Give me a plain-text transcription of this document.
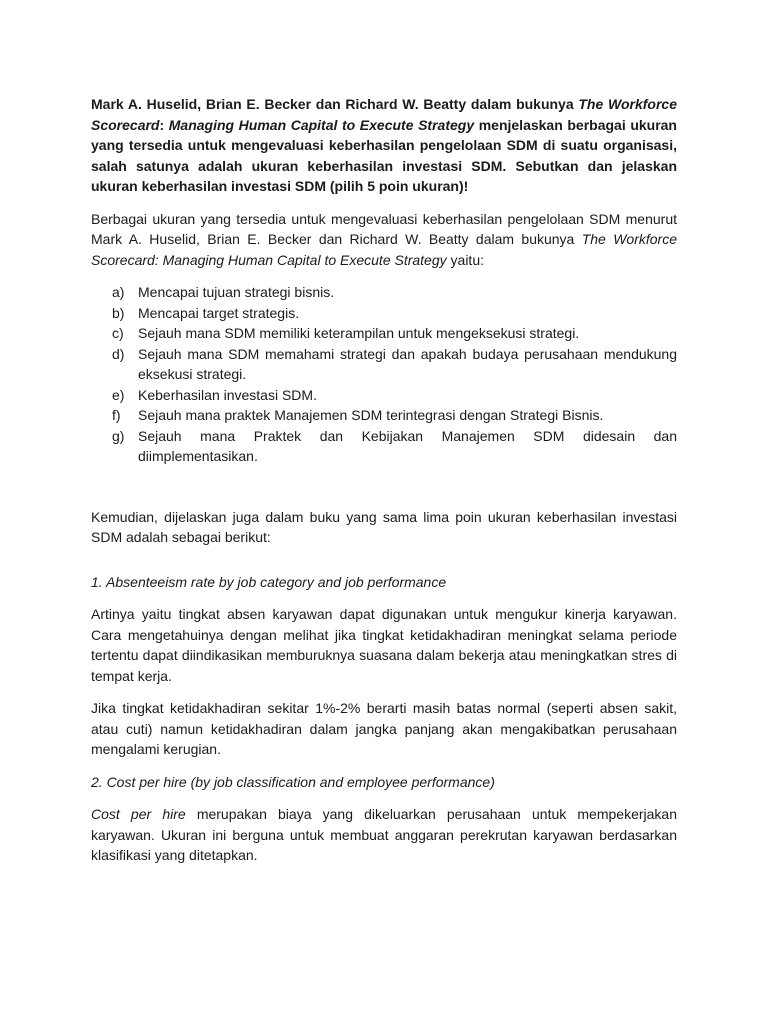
Mark A. Huselid, Brian E. Becker dan Richard W. Beatty dalam bukunya The Workforce Scorecard: Managing Human Capital to Execute Strategy menjelaskan berbagai ukuran yang tersedia untuk mengevaluasi keberhasilan pengelolaan SDM di suatu organisasi, salah satunya adalah ukuran keberhasilan investasi SDM. Sebutkan dan jelaskan ukuran keberhasilan investasi SDM (pilih 5 poin ukuran)!

Berbagai ukuran yang tersedia untuk mengevaluasi keberhasilan pengelolaan SDM menurut Mark A. Huselid, Brian E. Becker dan Richard W. Beatty dalam bukunya The Workforce Scorecard: Managing Human Capital to Execute Strategy yaitu:

a) Mencapai tujuan strategi bisnis.
b) Mencapai target strategis.
c) Sejauh mana SDM memiliki keterampilan untuk mengeksekusi strategi.
d) Sejauh mana SDM memahami strategi dan apakah budaya perusahaan mendukung eksekusi strategi.
e) Keberhasilan investasi SDM.
f) Sejauh mana praktek Manajemen SDM terintegrasi dengan Strategi Bisnis.
g) Sejauh mana Praktek dan Kebijakan Manajemen SDM didesain dan diimplementasikan.

Kemudian, dijelaskan juga dalam buku yang sama lima poin ukuran keberhasilan investasi SDM adalah sebagai berikut:

1. Absenteeism rate by job category and job performance

Artinya yaitu tingkat absen karyawan dapat digunakan untuk mengukur kinerja karyawan. Cara mengetahuinya dengan melihat jika tingkat ketidakhadiran meningkat selama periode tertentu dapat diindikasikan memburuknya suasana dalam bekerja atau meningkatkan stres di tempat kerja.

Jika tingkat ketidakhadiran sekitar 1%-2% berarti masih batas normal (seperti absen sakit, atau cuti) namun ketidakhadiran dalam jangka panjang akan mengakibatkan perusahaan mengalami kerugian.

2. Cost per hire (by job classification and employee performance)

Cost per hire merupakan biaya yang dikeluarkan perusahaan untuk mempekerjakan karyawan. Ukuran ini berguna untuk membuat anggaran perekrutan karyawan berdasarkan klasifikasi yang ditetapkan.
